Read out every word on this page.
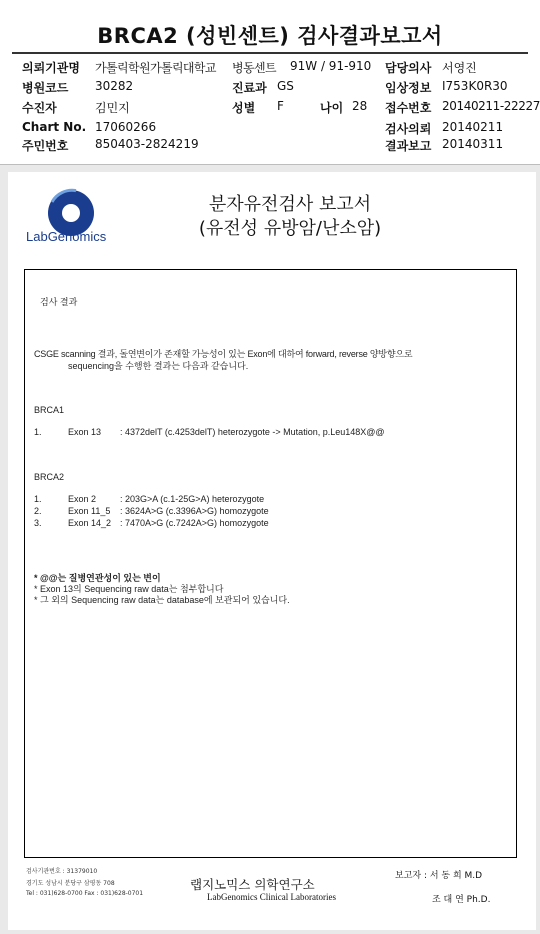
BRCA2 (성빈센트) 검사결과보고서
의뢰기관명 가톨릭학원가톨릭대학교 병동센트 91W / 91-910 담당의사 서영진
병원코드 30282	진료과 GS	임상정보 I753K0R30
수진자	김민지	성별 F	나이 28 접수번호 20140211-22227
Chart No. 17060266	검사의뢰 20140211
주민번호 850403-2824219	결과보고 20140311
LabGenomics
분자유전검사 보고서
(유전성 유방암/난소암)
검사 결과
CSGE scanning 결과, 돌연변이가 존재할 가능성이 있는 Exon에 대하여 forward, reverse 양방향으로
sequencing을 수행한 결과는 다음과 같습니다.
BRCA1
1.	Exon 13 : 4372delT (c.4253delT) heterozygote -> Mutation, p.Leu148X@@
BRCA2
1.	Exon 2	: 203G>A (c.1-25G>A) heterozygote
2.	Exon 11_5 : 3624A>G (c.3396A>G) homozygote
3.	Exon 14_2 : 7470A>G (c.7242A>G) homozygote
* @@는 질병연관성이 있는 변이
* Exon 13의 Sequencing raw data는 첨부합니다
* 그 외의 Sequencing raw data는 database에 보관되어 있습니다.
검사기관번호 : 31379010
경기도 성남시 분당구 삼평동 708
Tel : 031)628-0700 Fax : 031)628-0701
랩지노믹스 의학연구소
LabGenomics Clinical Laboratories
보고자 : 서 동 희 M.D
조 대 연 Ph.D.
